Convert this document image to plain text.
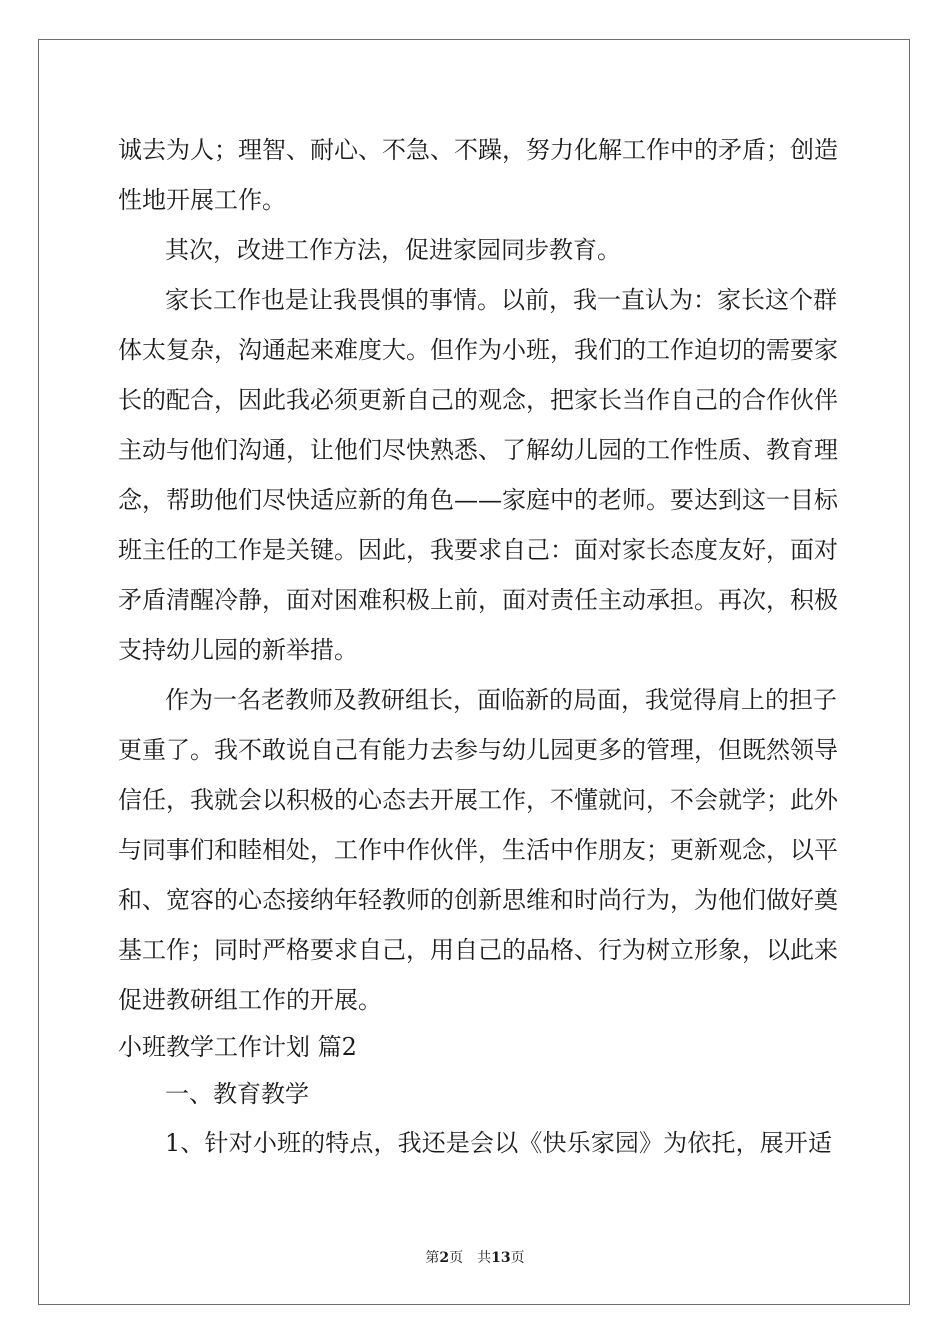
诚去为人；理智、耐心、不急、不躁，努力化解工作中的矛盾；创造
性地开展工作。
其次，改进工作方法，促进家园同步教育。
家长工作也是让我畏惧的事情。以前，我一直认为：家长这个群
体太复杂，沟通起来难度大。但作为小班，我们的工作迫切的需要家
长的配合，因此我必须更新自己的观念，把家长当作自己的合作伙伴
主动与他们沟通，让他们尽快熟悉、了解幼儿园的工作性质、教育理
念，帮助他们尽快适应新的角色——家庭中的老师。要达到这一目标
班主任的工作是关键。因此，我要求自己：面对家长态度友好，面对
矛盾清醒冷静，面对困难积极上前，面对责任主动承担。再次，积极
支持幼儿园的新举措。
作为一名老教师及教研组长，面临新的局面，我觉得肩上的担子
更重了。我不敢说自己有能力去参与幼儿园更多的管理，但既然领导
信任，我就会以积极的心态去开展工作，不懂就问，不会就学；此外
与同事们和睦相处，工作中作伙伴，生活中作朋友；更新观念，以平
和、宽容的心态接纳年轻教师的创新思维和时尚行为，为他们做好奠
基工作；同时严格要求自己，用自己的品格、行为树立形象，以此来
促进教研组工作的开展。
小班教学工作计划 篇2
一、教育教学
1、针对小班的特点，我还是会以《快乐家园》为依托，展开适
第2页　共13页
